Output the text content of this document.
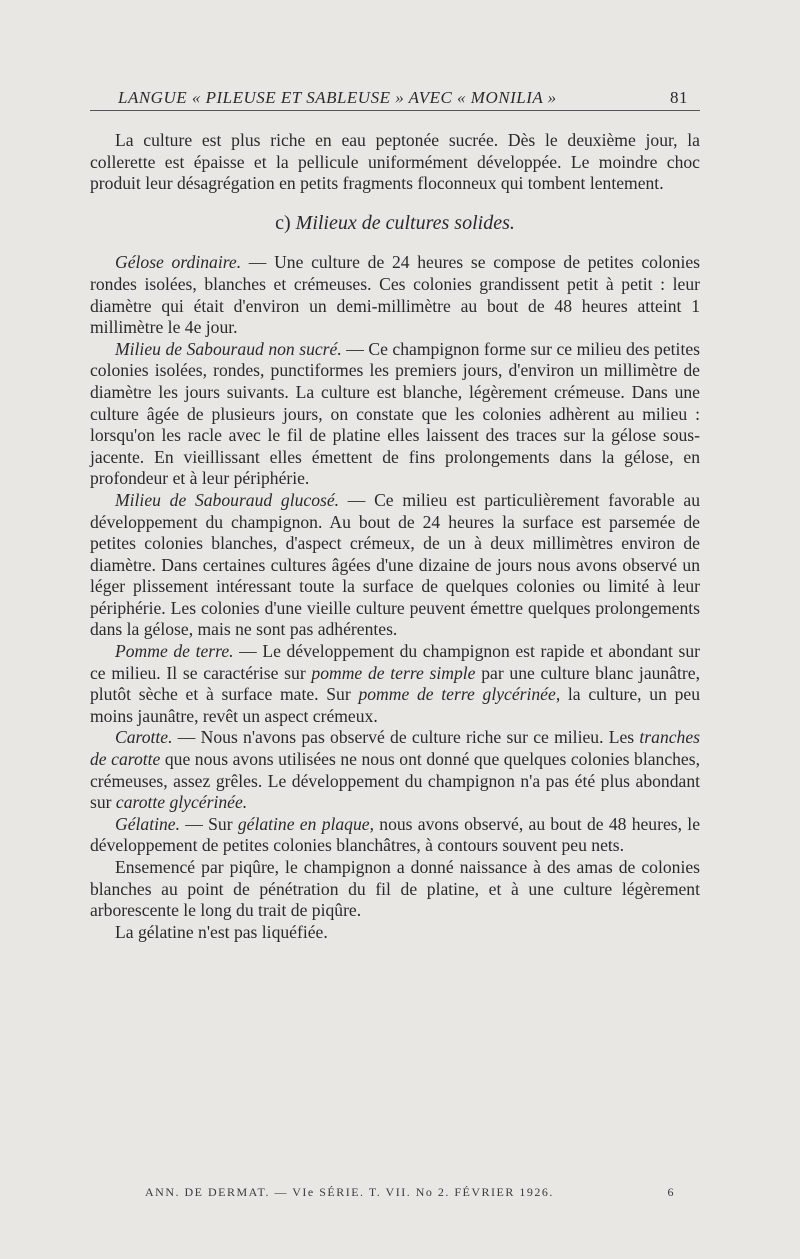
LANGUE « PILEUSE ET SABLEUSE » AVEC « MONILIA »	81

La culture est plus riche en eau peptonée sucrée. Dès le deuxième jour, la collerette est épaisse et la pellicule uniformément développée. Le moindre choc produit leur désagrégation en petits fragments floconneux qui tombent lentement.

c) Milieux de cultures solides.

Gélose ordinaire. — Une culture de 24 heures se compose de petites colonies rondes isolées, blanches et crémeuses. Ces colonies grandissent petit à petit : leur diamètre qui était d'environ un demi-millimètre au bout de 48 heures atteint 1 millimètre le 4e jour.

Milieu de Sabouraud non sucré. — Ce champignon forme sur ce milieu des petites colonies isolées, rondes, punctiformes les premiers jours, d'environ un millimètre de diamètre les jours suivants. La culture est blanche, légèrement crémeuse. Dans une culture âgée de plusieurs jours, on constate que les colonies adhèrent au milieu : lorsqu'on les racle avec le fil de platine elles laissent des traces sur la gélose sous-jacente. En vieillissant elles émettent de fins prolongements dans la gélose, en profondeur et à leur périphérie.

Milieu de Sabouraud glucosé. — Ce milieu est particulièrement favorable au développement du champignon. Au bout de 24 heures la surface est parsemée de petites colonies blanches, d'aspect crémeux, de un à deux millimètres environ de diamètre. Dans certaines cultures âgées d'une dizaine de jours nous avons observé un léger plissement intéressant toute la surface de quelques colonies ou limité à leur périphérie. Les colonies d'une vieille culture peuvent émettre quelques prolongements dans la gélose, mais ne sont pas adhérentes.

Pomme de terre. — Le développement du champignon est rapide et abondant sur ce milieu. Il se caractérise sur pomme de terre simple par une culture blanc jaunâtre, plutôt sèche et à surface mate. Sur pomme de terre glycérinée, la culture, un peu moins jaunâtre, revêt un aspect crémeux.

Carotte. — Nous n'avons pas observé de culture riche sur ce milieu. Les tranches de carotte que nous avons utilisées ne nous ont donné que quelques colonies blanches, crémeuses, assez grêles. Le développement du champignon n'a pas été plus abondant sur carotte glycérinée.

Gélatine. — Sur gélatine en plaque, nous avons observé, au bout de 48 heures, le développement de petites colonies blanchâtres, à contours souvent peu nets.

Ensemencé par piqûre, le champignon a donné naissance à des amas de colonies blanches au point de pénétration du fil de platine, et à une culture légèrement arborescente le long du trait de piqûre.

La gélatine n'est pas liquéfiée.

ANN. DE DERMAT. — VIe SÉRIE. T. VII. No 2. FÉVRIER 1926.	6
